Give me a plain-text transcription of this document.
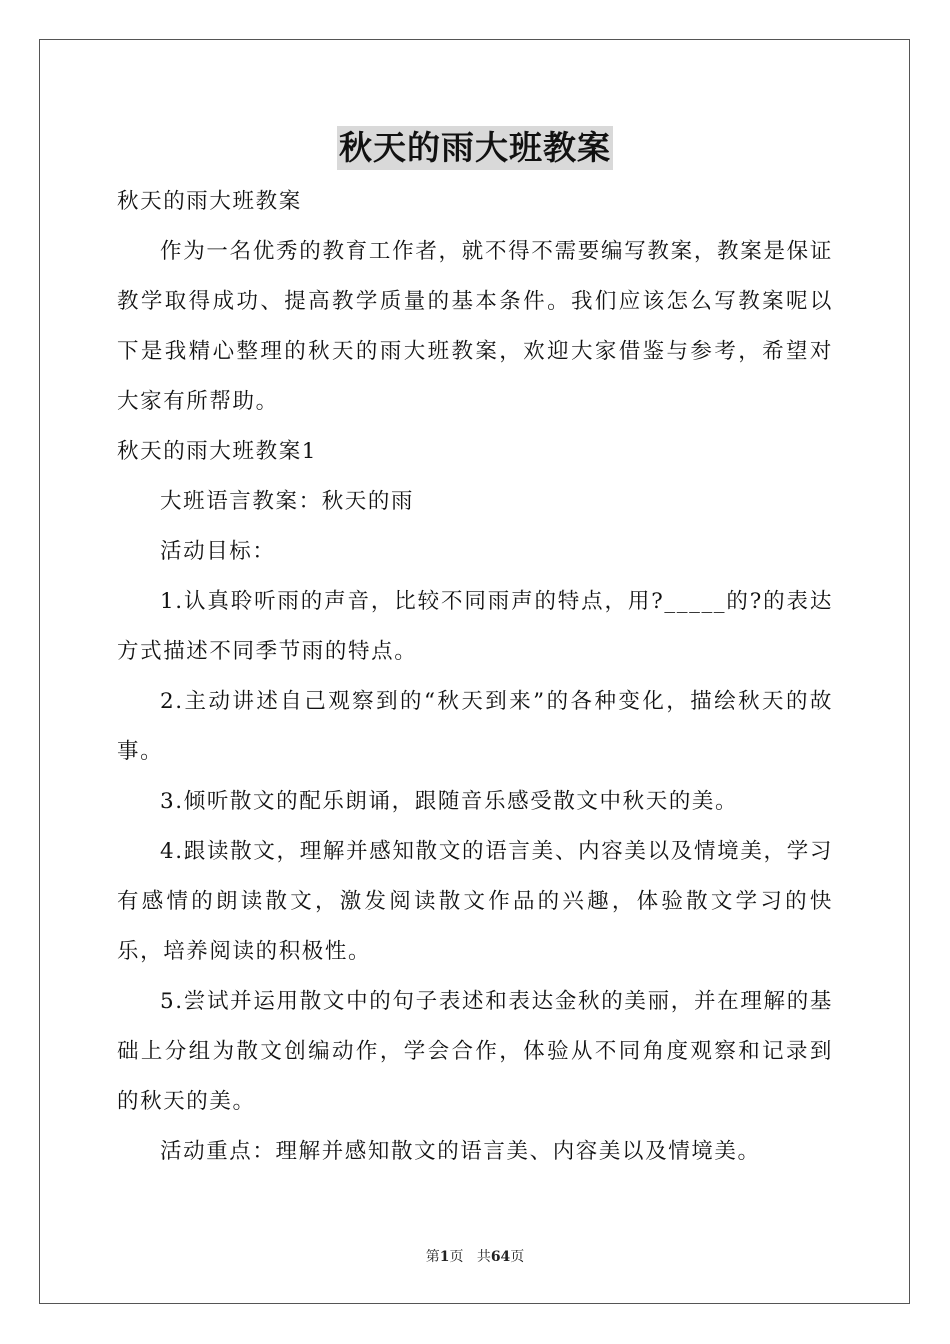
秋天的雨大班教案

秋天的雨大班教案

作为一名优秀的教育工作者，就不得不需要编写教案，教案是保证教学取得成功、提高教学质量的基本条件。我们应该怎么写教案呢以下是我精心整理的秋天的雨大班教案，欢迎大家借鉴与参考，希望对大家有所帮助。

秋天的雨大班教案1

大班语言教案：秋天的雨

活动目标：

1.认真聆听雨的声音，比较不同雨声的特点，用?_____的?的表达方式描述不同季节雨的特点。

2.主动讲述自己观察到的“秋天到来”的各种变化，描绘秋天的故事。

3.倾听散文的配乐朗诵，跟随音乐感受散文中秋天的美。

4.跟读散文，理解并感知散文的语言美、内容美以及情境美，学习有感情的朗读散文，激发阅读散文作品的兴趣，体验散文学习的快乐，培养阅读的积极性。

5.尝试并运用散文中的句子表述和表达金秋的美丽，并在理解的基础上分组为散文创编动作，学会合作，体验从不同角度观察和记录到的秋天的美。

活动重点：理解并感知散文的语言美、内容美以及情境美。

第1页 共64页
